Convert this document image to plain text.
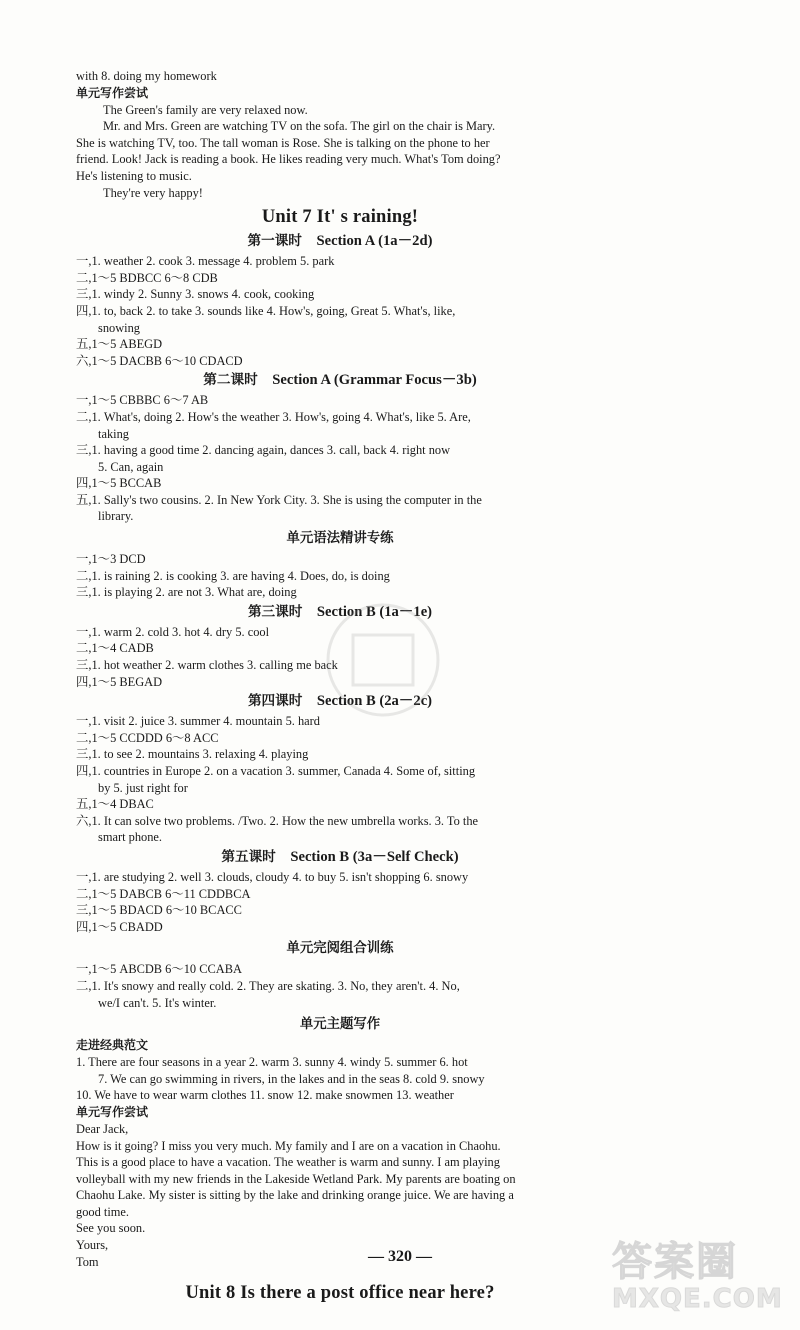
with 8. doing my homework
单元写作尝试
The Green's family are very relaxed now.
Mr. and Mrs. Green are watching TV on the sofa. The girl on the chair is Mary.
She is watching TV, too. The tall woman is Rose. She is talking on the phone to her
friend. Look! Jack is reading a book. He likes reading very much. What's Tom doing?
He's listening to music.
They're very happy!
Unit 7 It' s raining!
第一课时   Section A (1a－2d)
一,1. weather 2. cook 3. message 4. problem 5. park
二,1～5 BDBCC 6～8 CDB
三,1. windy 2. Sunny 3. snows 4. cook, cooking
四,1. to, back 2. to take 3. sounds like 4. How's, going, Great 5. What's, like,
snowing
五,1～5 ABEGD
六,1～5 DACBB 6～10 CDACD
第二课时   Section A (Grammar Focus－3b)
一,1～5 CBBBC 6～7 AB
二,1. What's, doing 2. How's the weather 3. How's, going 4. What's, like 5. Are,
taking
三,1. having a good time 2. dancing again, dances 3. call, back 4. right now
5. Can, again
四,1～5 BCCAB
五,1. Sally's two cousins. 2. In New York City. 3. She is using the computer in the
library.
单元语法精讲专练
一,1～3 DCD
二,1. is raining 2. is cooking 3. are having 4. Does, do, is doing
三,1. is playing 2. are not 3. What are, doing
第三课时   Section B (1a－1e)
一,1. warm 2. cold 3. hot 4. dry 5. cool
二,1～4 CADB
三,1. hot weather 2. warm clothes 3. calling me back
四,1～5 BEGAD
第四课时   Section B (2a－2c)
一,1. visit 2. juice 3. summer 4. mountain 5. hard
二,1～5 CCDDD 6～8 ACC
三,1. to see 2. mountains 3. relaxing 4. playing
四,1. countries in Europe 2. on a vacation 3. summer, Canada 4. Some of, sitting
by 5. just right for
五,1～4 DBAC
六,1. It can solve two problems. /Two. 2. How the new umbrella works. 3. To the
smart phone.
第五课时   Section B (3a－Self Check)
一,1. are studying 2. well 3. clouds, cloudy 4. to buy 5. isn't shopping 6. snowy
二,1～5 DABCB 6～11 CDDBCA
三,1～5 BDACD 6～10 BCACC
四,1～5 CBADD
单元完阅组合训练
一,1～5 ABCDB 6～10 CCABA
二,1. It's snowy and really cold. 2. They are skating. 3. No, they aren't. 4. No,
we/I can't. 5. It's winter.
单元主题写作
走进经典范文
1. There are four seasons in a year 2. warm 3. sunny 4. windy 5. summer 6. hot
7. We can go swimming in rivers, in the lakes and in the seas 8. cold 9. snowy
10. We have to wear warm clothes 11. snow 12. make snowmen 13. weather
单元写作尝试
Dear Jack,
How is it going? I miss you very much. My family and I are on a vacation in Chaohu.
This is a good place to have a vacation. The weather is warm and sunny. I am playing
volleyball with my new friends in the Lakeside Wetland Park. My parents are boating on
Chaohu Lake. My sister is sitting by the lake and drinking orange juice. We are having a
good time.
See you soon.
Yours,
Tom
Unit 8 Is there a post office near here?
— 320 —	答案圈
MXQE.COM
